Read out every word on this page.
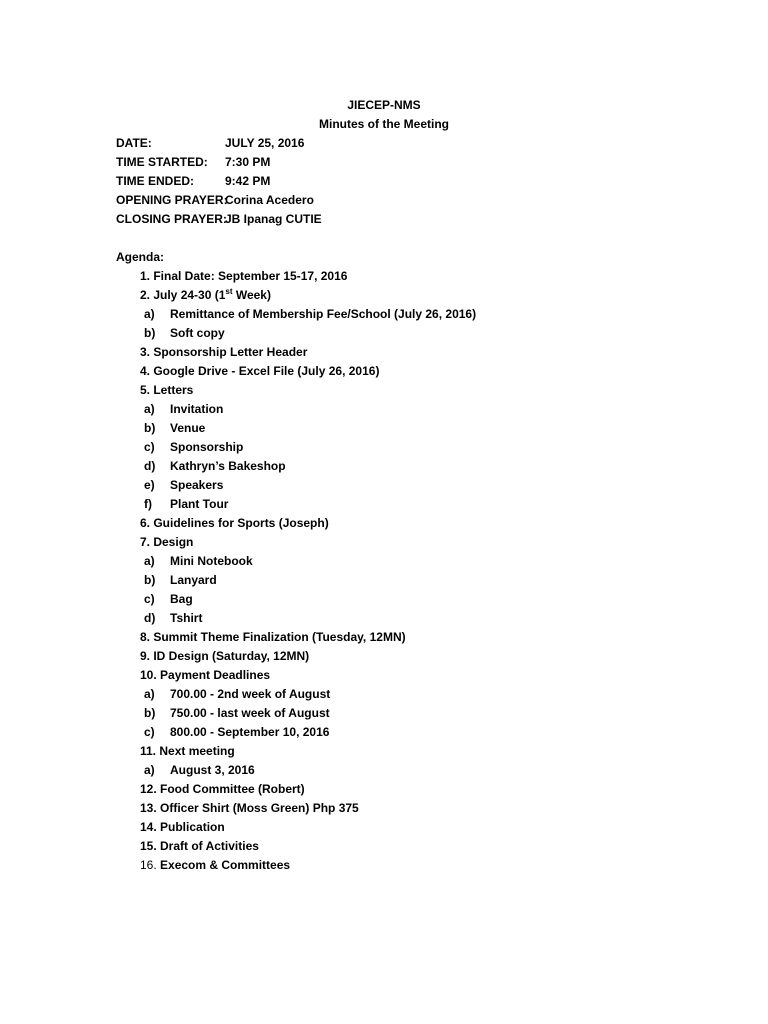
JIECEP-NMS
Minutes of the Meeting
DATE:	JULY 25, 2016
TIME STARTED: 7:30 PM
TIME ENDED:	9:42 PM
OPENING PRAYER:Corina Acedero
CLOSING PRAYER:JB Ipanag CUTIE
Agenda:
1. Final Date: September 15-17, 2016
2. July 24-30 (1st Week)
a) Remittance of Membership Fee/School (July 26, 2016)
b) Soft copy
3. Sponsorship Letter Header
4. Google Drive - Excel File (July 26, 2016)
5. Letters
a) Invitation
b) Venue
c) Sponsorship
d) Kathryn’s Bakeshop
e) Speakers
f) Plant Tour
6. Guidelines for Sports (Joseph)
7. Design
a) Mini Notebook
b) Lanyard
c) Bag
d) Tshirt
8. Summit Theme Finalization (Tuesday, 12MN)
9. ID Design (Saturday, 12MN)
10. Payment Deadlines
a) 700.00 - 2nd week of August
b) 750.00 - last week of August
c) 800.00 - September 10, 2016
11. Next meeting
a) August 3, 2016
12. Food Committee (Robert)
13. Officer Shirt (Moss Green) Php 375
14. Publication
15. Draft of Activities
16. Execom & Committees
